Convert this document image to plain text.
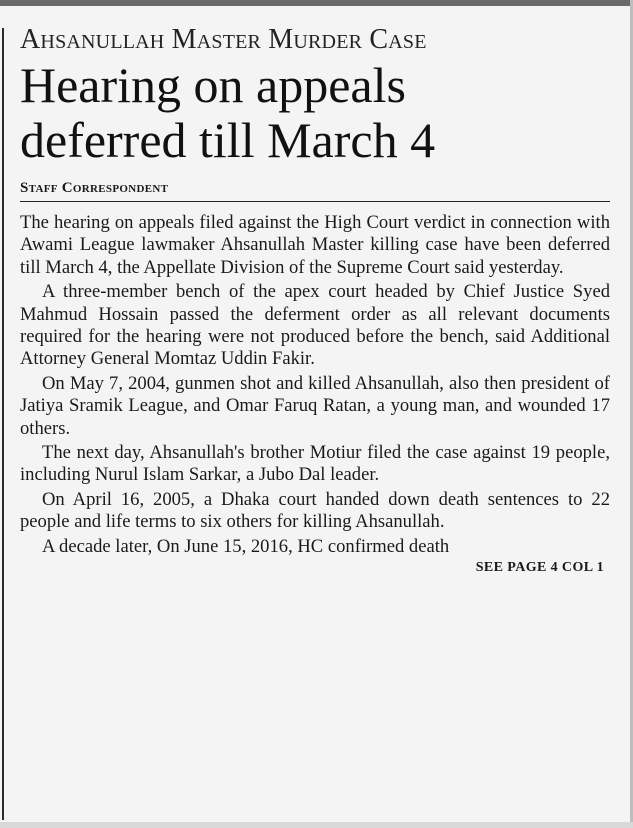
Ahsanullah Master Murder Case
Hearing on appeals
deferred till March 4
Staff Correspondent

The hearing on appeals filed against the High Court verdict in connection with Awami League lawmaker Ahsanullah Master killing case have been deferred till March 4, the Appellate Division of the Supreme Court said yesterday.

A three-member bench of the apex court headed by Chief Justice Syed Mahmud Hossain passed the deferment order as all relevant documents required for the hearing were not produced before the bench, said Additional Attorney General Momtaz Uddin Fakir.

On May 7, 2004, gunmen shot and killed Ahsanullah, also then president of Jatiya Sramik League, and Omar Faruq Ratan, a young man, and wounded 17 others.

The next day, Ahsanullah's brother Motiur filed the case against 19 people, including Nurul Islam Sarkar, a Jubo Dal leader.

On April 16, 2005, a Dhaka court handed down death sentences to 22 people and life terms to six others for killing Ahsanullah.

A decade later, On June 15, 2016, HC confirmed death

SEE PAGE 4 COL 1
